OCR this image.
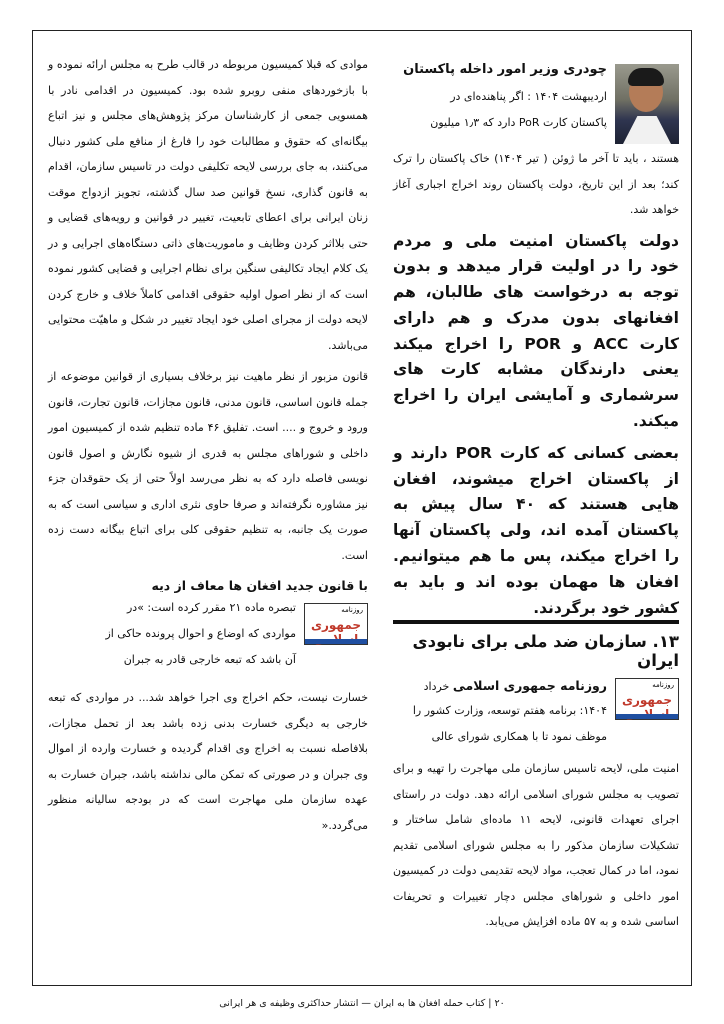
چودری وزیر امور داخله پاکستان
اردیبهشت ۱۴۰۴ : اگر پناهنده‌ای در
پاکستان کارت PoR دارد که ۱٫۳ میلیون

هستند ، باید تا آخر ما ژوئن ( تیر ۱۴۰۴) خاک پاکستان را ترک کند؛ بعد از این تاریخ، دولت پاکستان روند اخراج اجباری آغاز خواهد شد.

دولت پاکستان امنیت ملی و مردم خود را در اولیت قرار میدهد و بدون توجه به درخواست های طالبان، هم افغانهای بدون مدرک و هم دارای کارت ACC و POR را اخراج میکند یعنی دارندگان مشابه کارت های سرشماری و آمایشی ایران را اخراج میکند.

بعضی کسانی که کارت POR دارند و از پاکستان اخراج میشوند، افغان هایی هستند که ۴۰ سال پیش به پاکستان آمده اند، ولی پاکستان آنها را اخراج میکند، پس ما هم میتوانیم. افغان ها مهمان بوده اند و باید به کشور خود برگردند.

۱۳. سازمان ضد ملی برای نابودی ایران
روزنامه
جمهوری
روزنامه جمهوری اسلامی خرداد
۱۴۰۴: برنامه هفتم توسعه، وزارت کشور را
موظف نمود تا با همکاری شورای عالی

امنیت ملی، لایحه تاسیس سازمان ملی مهاجرت را تهیه و برای تصویب به مجلس شورای اسلامی ارائه دهد. دولت در راستای اجرای تعهدات قانونی، لایحه ۱۱ ماده‌ای شامل ساختار و تشکیلات سازمان مذکور را به مجلس شورای اسلامی تقدیم نمود، اما در کمال تعجب، مواد لایحه تقدیمی دولت در کمیسیون امور داخلی و شوراهای مجلس دچار تغییرات و تحریفات اساسی شده و به ۵۷ ماده افزایش می‌یابد.

موادی که قبلا کمیسیون مربوطه در قالب طرح به مجلس ارائه نموده و با بازخوردهای منفی روبرو شده بود. کمیسیون در اقدامی نادر با همسویی جمعی از کارشناسان مرکز پژوهش‌های مجلس و نیز اتباع بیگانه‌ای که حقوق و مطالبات خود را فارغ از منافع ملی کشور دنبال می‌کنند، به جای بررسی لایحه تکلیفی دولت در تاسیس سازمان، اقدام به قانون گذاری، نسخ قوانین صد سال گذشته، تجویز ازدواج موقت زنان ایرانی برای اعطای تابعیت، تغییر در قوانین و رویه‌های قضایی و حتی بلااثر کردن وظایف و ماموریت‌های ذاتی دستگاه‌های اجرایی و در یک کلام ایجاد تکالیفی سنگین برای نظام اجرایی و قضایی کشور نموده است که از نظر اصول اولیه حقوقی اقدامی کاملاً خلاف و خارج کردن لایحه دولت از مجرای اصلی خود ایجاد تغییر در شکل و ماهیّت محتوایی می‌باشد.

قانون مزبور از نظر ماهیت نیز برخلاف بسیاری از قوانین موضوعه از جمله قانون اساسی، قانون مدنی، قانون مجازات، قانون تجارت، قانون ورود و خروج و .... است. تفلیق ۴۶ ماده تنظیم شده از کمیسیون امور داخلی و شوراهای مجلس به قدری از شیوه نگارش و اصول قانون نویسی فاصله دارد که به نظر می‌رسد اولاً حتی از یک حقوقدان جزء نیز مشاوره نگرفته‌اند و صرفا حاوی نثری اداری و سیاسی است که به صورت یک جانبه، به تنظیم حقوقی کلی برای اتباع بیگانه دست زده است.

با قانون جدید افغان ها معاف از دیه
روزنامه
جمهوری
تبصره ماده ۲۱ مقرر کرده است: »در
مواردی که اوضاع و احوال پرونده حاکی از
آن باشد که تبعه خارجی قادر به جبران

خسارت نیست، حکم اخراج وی اجرا خواهد شد... در مواردی که تبعه خارجی به دیگری خسارت بدنی زده باشد بعد از تحمل مجازات، بلافاصله نسبت به اخراج وی اقدام گردیده و خسارت وارده از اموال وی جبران و در صورتی که تمکن مالی نداشته باشد، جبران خسارت به عهده سازمان ملی مهاجرت است که در بودجه سالیانه منظور می‌گردد.«

۲۰ | کتاب حمله افغان ها به ایران — انتشار حداکثری وظیفه ی هر ایرانی
